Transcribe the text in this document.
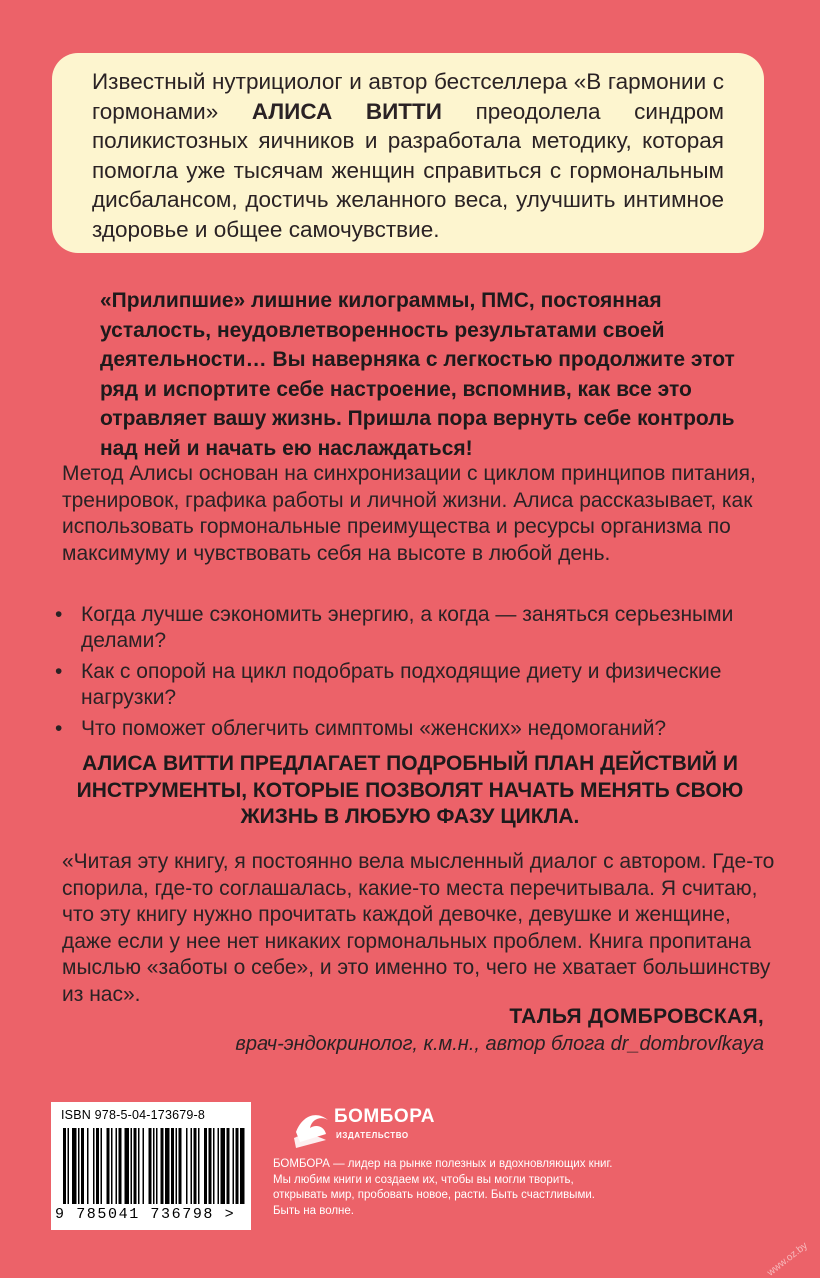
Известный нутрициолог и автор бестселлера «В гармонии с гормонами» АЛИСА ВИТТИ преодолела синдром поликистозных яичников и разработала методику, которая помогла уже тысячам женщин справиться с гормональным дисбалансом, достичь желанного веса, улучшить интимное здоровье и общее самочувствие.

«Прилипшие» лишние килограммы, ПМС, постоянная усталость, неудовлетворенность результатами своей деятельности… Вы наверняка с легкостью продолжите этот ряд и испортите себе настроение, вспомнив, как все это отравляет вашу жизнь. Пришла пора вернуть себе контроль над ней и начать ею наслаждаться!
Метод Алисы основан на синхронизации с циклом принципов питания, тренировок, графика работы и личной жизни. Алиса рассказывает, как использовать гормональные преимущества и ресурсы организма по максимуму и чувствовать себя на высоте в любой день.
• Когда лучше сэкономить энергию, а когда — заняться серьезными делами?
• Как с опорой на цикл подобрать подходящие диету и физические нагрузки?
• Что поможет облегчить симптомы «женских» недомоганий?
АЛИСА ВИТТИ ПРЕДЛАГАЕТ ПОДРОБНЫЙ ПЛАН ДЕЙСТВИЙ И ИНСТРУМЕНТЫ, КОТОРЫЕ ПОЗВОЛЯТ НАЧАТЬ МЕНЯТЬ СВОЮ ЖИЗНЬ В ЛЮБУЮ ФАЗУ ЦИКЛА.
«Читая эту книгу, я постоянно вела мысленный диалог с автором. Где-то спорила, где-то соглашалась, какие-то места перечитывала. Я считаю, что эту книгу нужно прочитать каждой девочке, девушке и женщине, даже если у нее нет никаких гормональных проблем. Книга пропитана мыслью «заботы о себе», и это именно то, чего не хватает большинству из нас».
ТАЛЬЯ ДОМБРОВСКАЯ,
врач-эндокринолог, к.м.н., автор блога dr_dombrovſkaya
ISBN 978-5-04-173679-8
9 785041 736798 >
БОМБОРА
ИЗДАТЕЛЬСТВО
БОМБОРА — лидер на рынке полезных и вдохновляющих книг. Мы любим книги и создаем их, чтобы вы могли творить, открывать мир, пробовать новое, расти. Быть счастливыми. Быть на волне.
www.oz.by
